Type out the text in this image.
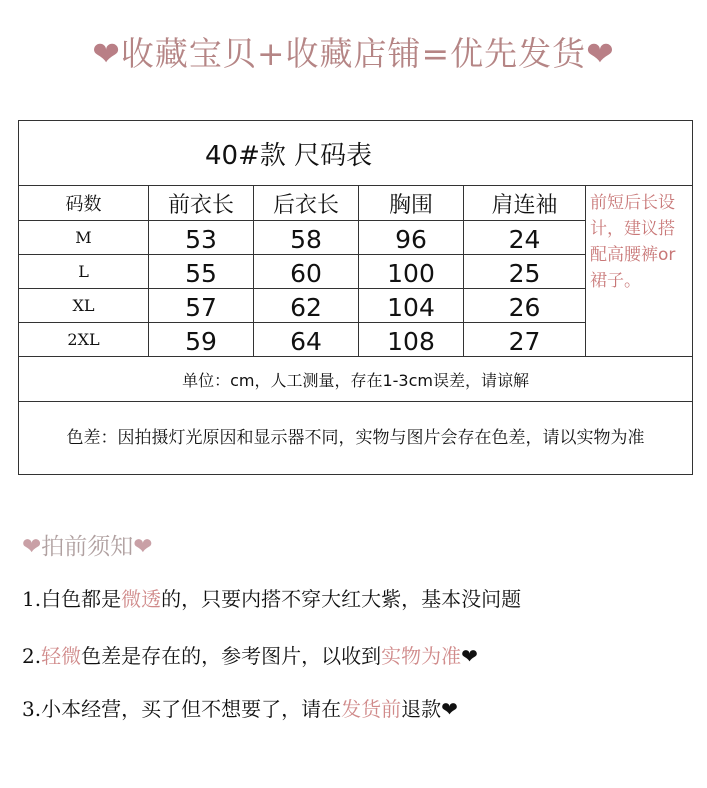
❤收藏宝贝+收藏店铺=优先发货❤
40#款 尺码表					
码数	前衣长	后衣长	胸围	肩连袖	前短后长设计，建议搭配高腰裤or裙子。
M	53	58	96	24	
L	55	60	100	25	
XL	57	62	104	26	
2XL	59	64	108	27	
单位：cm，人工测量，存在1-3cm误差，请谅解					
色差：因拍摄灯光原因和显示器不同，实物与图片会存在色差，请以实物为准					
❤拍前须知❤
1.白色都是微透的，只要内搭不穿大红大紫，基本没问题
2.轻微色差是存在的，参考图片，以收到实物为准❤
3.小本经营，买了但不想要了，请在发货前退款❤
